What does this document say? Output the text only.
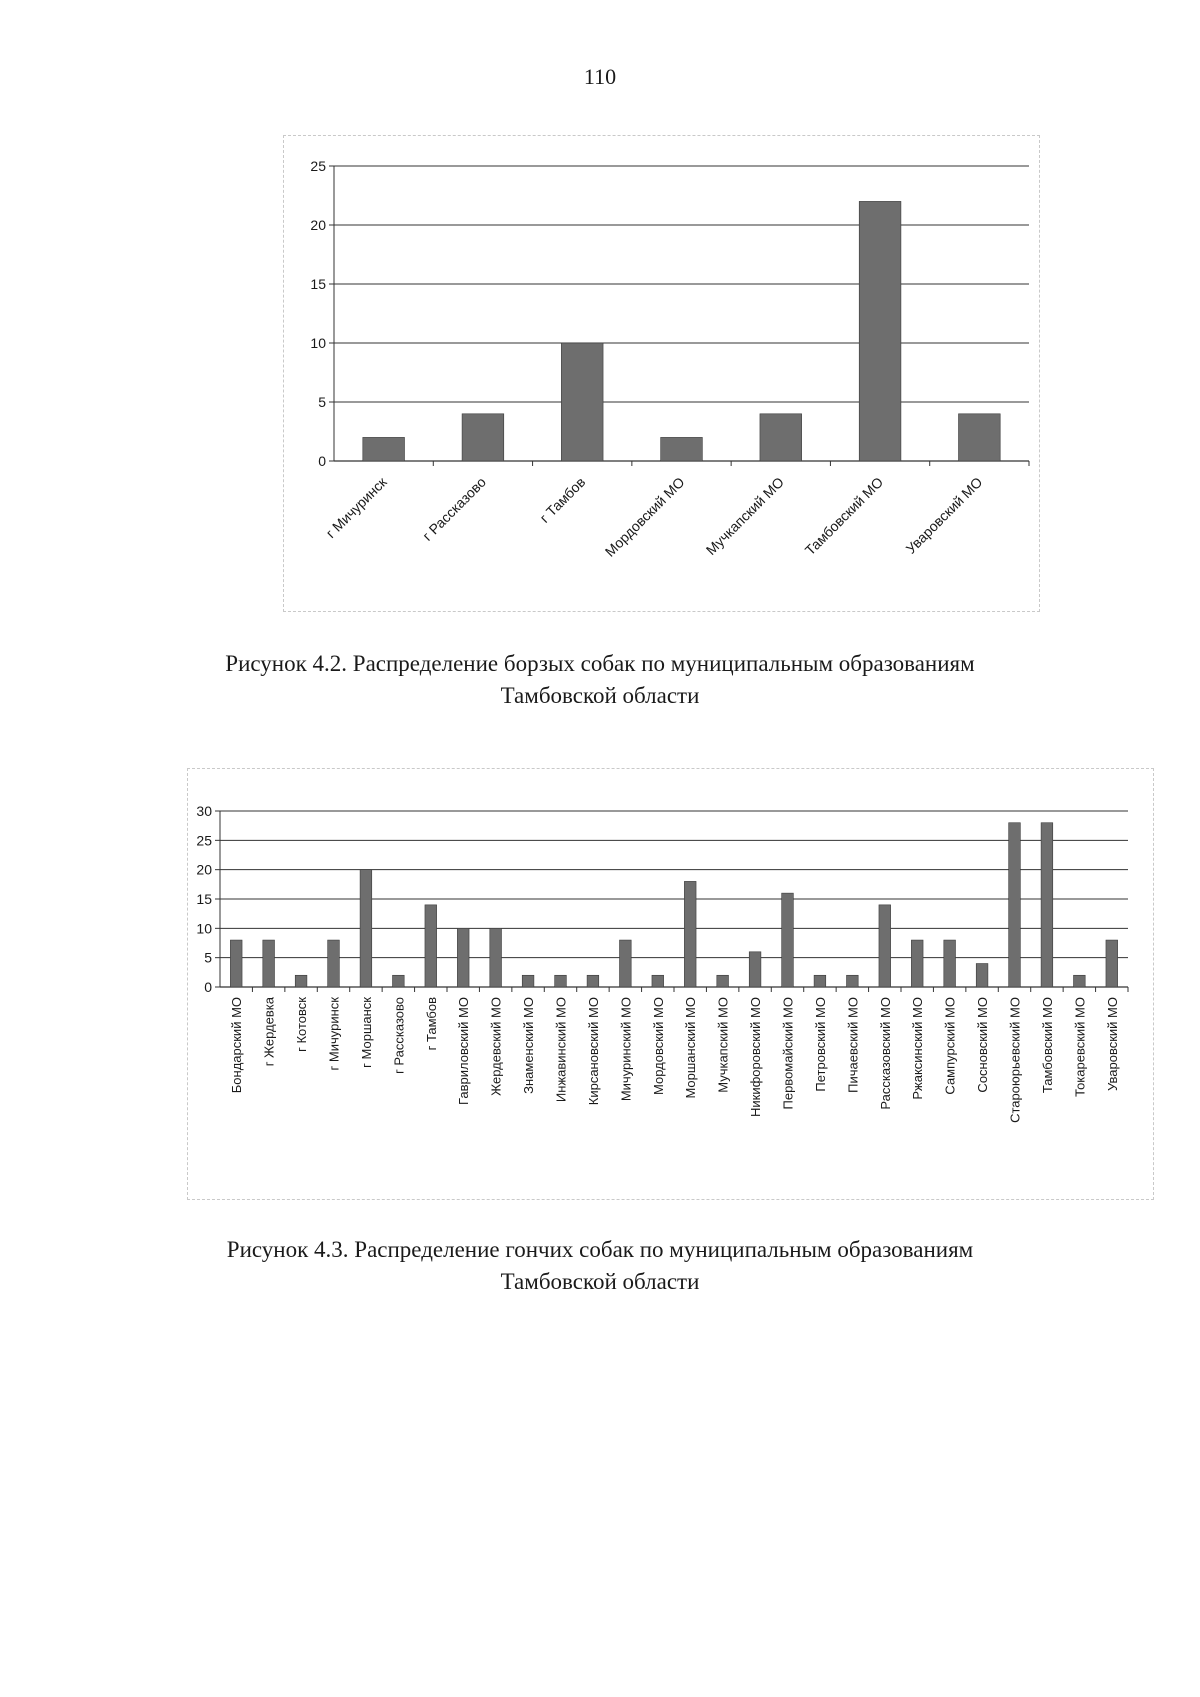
110
0
5
10
15
20
25
г Мичуринск г Рассказово	г Тамбов Мордовский МО Мучкапский МО Тамбовский МО Уваровский МО
Рисунок 4.2. Распределение борзых собак по муниципальным образованиям
Тамбовской области
0
5
10
15
20
25
30
Бондарский МО г Жердевка г Котовск г Мичуринск г Моршанск г Рассказово г Тамбов Гавриловский МО Жердевский МО Знаменский МО Инжавинский МО Кирсановский МО Мичуринский МО Мордовский МО Моршанский МО Мучкапский МО Никифоровский МО Первомайский МО Петровский МО Пичаевский МО Рассказовский МО Ржаксинский МО Сампурский МО Сосновский МО Староюрьевский МО Тамбовский МО Токаревский МО Уваровский МО
Рисунок 4.3. Распределение гончих собак по муниципальным образованиям
Тамбовской области
